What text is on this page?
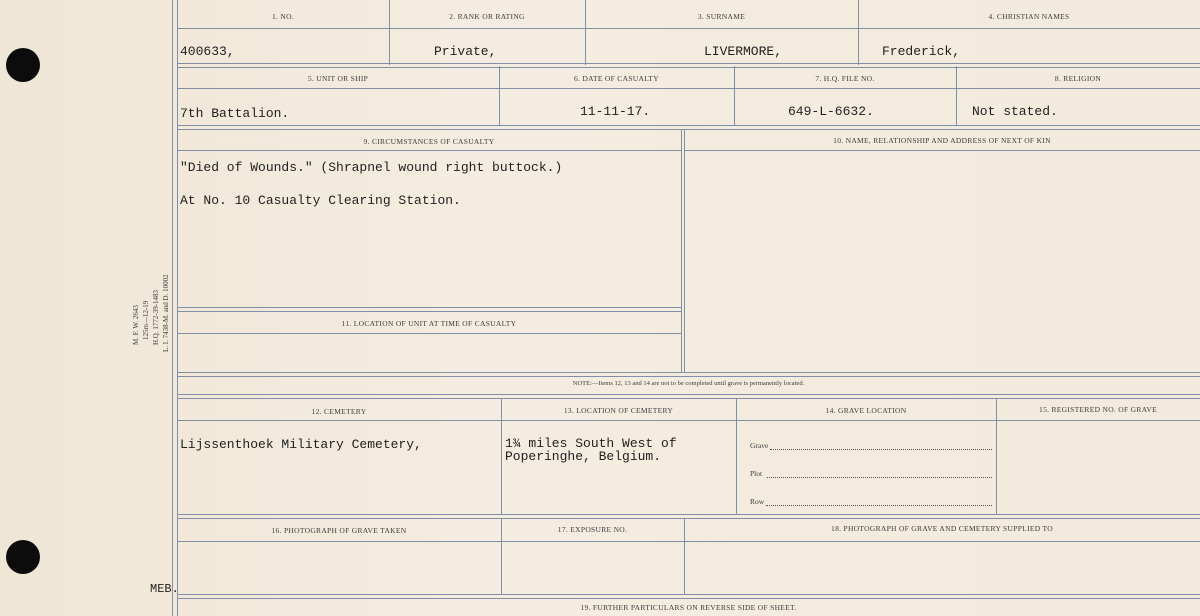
M. F. W. 2643 125m—12-19 H.Q. 1772-39-1483 L. I. 7438-M. and D. 10002
MEB.
1. NO.	2. RANK OR RATING	3. SURNAME	4. CHRISTIAN NAMES
400633,	Private,	LIVERMORE,	Frederick,
5. UNIT OR SHIP	6. DATE OF CASUALTY	7. H.Q. FILE NO.	8. RELIGION
7th Battalion.	11-11-17.	649-L-6632.	Not stated.
9. CIRCUMSTANCES OF CASUALTY	10. NAME, RELATIONSHIP AND ADDRESS OF NEXT OF KIN
"Died of Wounds." (Shrapnel wound right buttock.)
At No. 10 Casualty Clearing Station.
11. LOCATION OF UNIT AT TIME OF CASUALTY
NOTE:—Items 12, 13 and 14 are not to be completed until grave is permanently located.
12. CEMETERY	13. LOCATION OF CEMETERY	14. GRAVE LOCATION	15. REGISTERED NO. OF GRAVE
Lijssenthoek Military Cemetery,	1¾ miles South West of
Poperinghe, Belgium.
Grave
Plot
Row
16. PHOTOGRAPH OF GRAVE TAKEN	17. EXPOSURE NO.	18. PHOTOGRAPH OF GRAVE AND CEMETERY SUPPLIED TO
19. FURTHER PARTICULARS ON REVERSE SIDE OF SHEET.
